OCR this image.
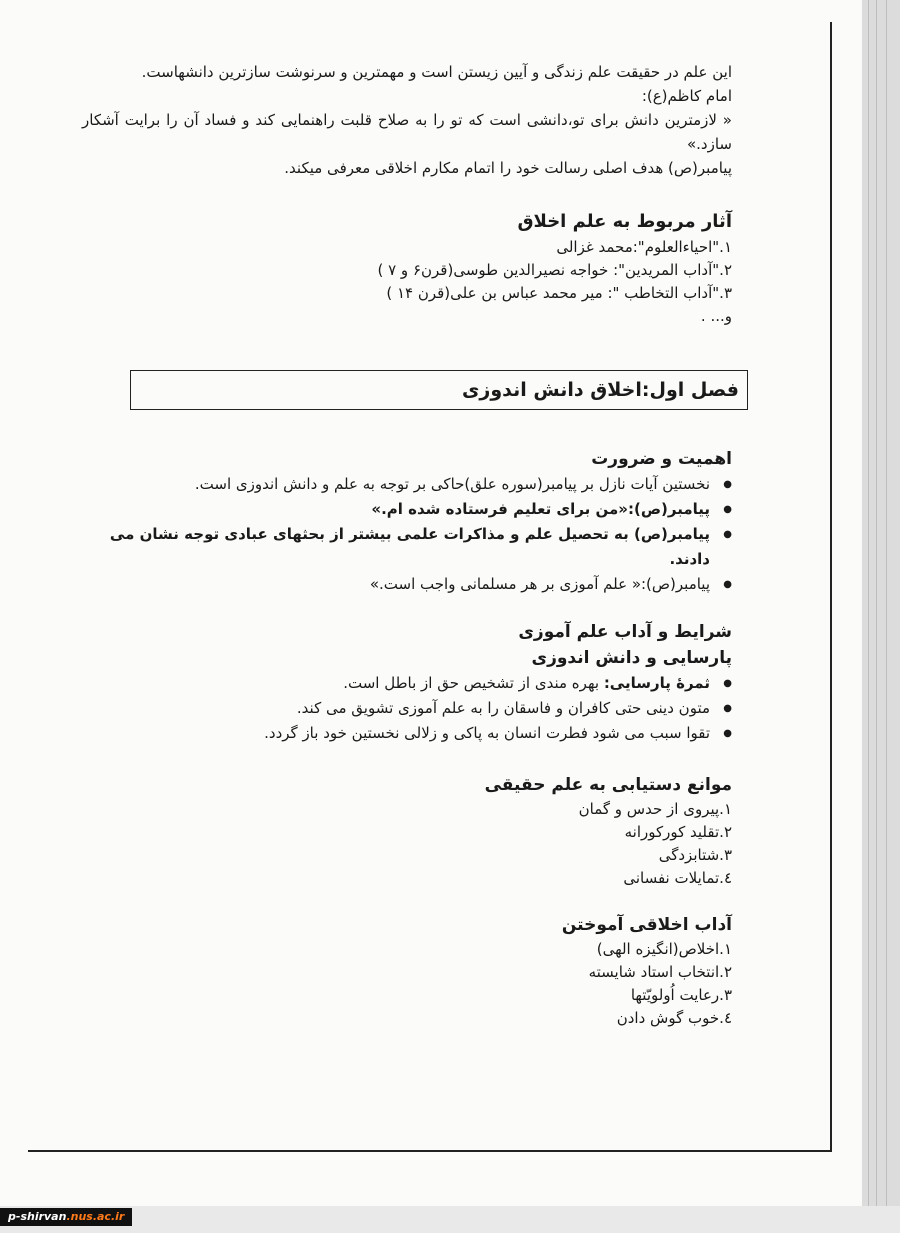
این علم در حقیقت علم زندگی و آیین زیستن است و مهمترین و سرنوشت سازترین دانشهاست.

امام کاظم(ع):

« لازمترین دانش برای تو،دانشی است که تو را به صلاح قلبت راهنمایی کند و فساد آن را برایت آشکار سازد.»

پیامبر(ص) هدف اصلی رسالت خود را اتمام مکارم اخلاقی معرفی میکند.

آثار مربوط به علم اخلاق
۱."احیاءالعلوم":محمد غزالی
۲."آداب المریدین": خواجه نصیرالدین طوسی(قرن۶ و ۷ )
۳."آداب التخاطب ": میر محمد عباس بن علی(قرن ۱۴ )
و... .
فصل اول:اخلاق دانش اندوزی
اهمیت و ضرورت
● نخستین آیات نازل بر پیامبر(سوره علق)حاکی بر توجه به علم و دانش اندوزی است.
● پیامبر(ص):«من برای تعلیم فرستاده شده ام.»
● پیامبر(ص) به تحصیل علم و مذاکرات علمی بیشتر از بحثهای عبادی توجه نشان می دادند.
● پیامبر(ص):« علم آموزی بر هر مسلمانی واجب است.»
شرایط و آداب علم آموزی
پارسایی و دانش اندوزی
● ثمرۀ پارسایی: بهره مندی از تشخیص حق از باطل است.
● متون دینی حتی کافران و فاسقان را به علم آموزی تشویق می کند.
● تقوا سبب می شود فطرت انسان به پاکی و زلالی نخستین خود باز گردد.
موانع دستیابی به علم حقیقی
۱.پیروی از حدس و گمان
۲.تقلید کورکورانه
۳.شتابزدگی
٤.تمایلات نفسانی
آداب اخلاقی آموختن
۱.اخلاص(انگیزه الهی)
۲.انتخاب استاد شایسته
۳.رعایت اُولویّتها
٤.خوب گوش دادن
p-shirvan.nus.ac.ir
